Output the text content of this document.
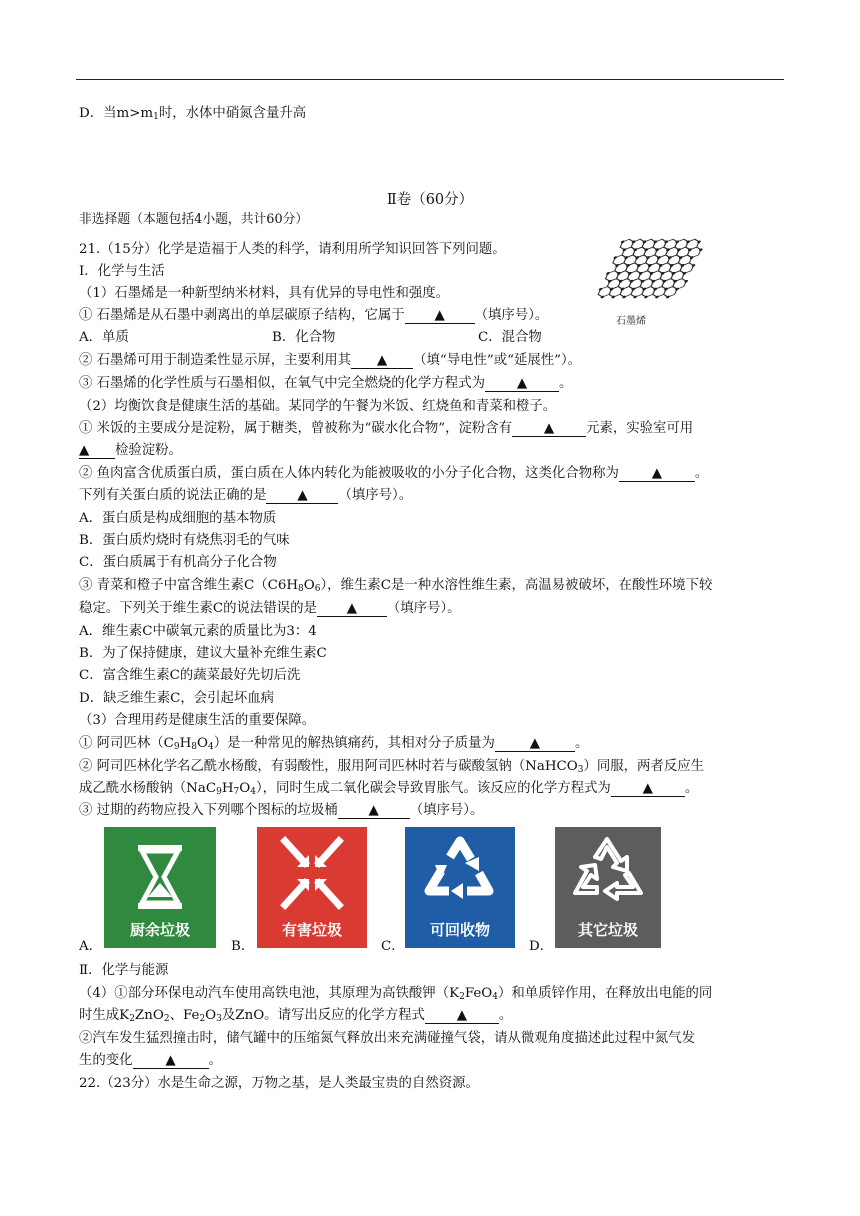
D．当$m>m_1$时，水体中硝氮含量升高
Ⅱ卷（60分）
非选择题（本题包括4小题，共计60分）
21.（15分）化学是造福于人类的科学，请利用所学知识回答下列问题。
Ⅰ．化学与生活
（1）石墨烯是一种新型纳米材料，具有优异的导电性和强度。
① 石墨烯是从石墨中剥离出的单层碳原子结构，它属于 ▲ （填序号）。
A．单质	B．化合物	C．混合物
② 石墨烯可用于制造柔性显示屏，主要利用其 ▲ （填“导电性”或“延展性”）。
③ 石墨烯的化学性质与石墨相似，在氧气中完全燃烧的化学方程式为 ▲ 。
（2）均衡饮食是健康生活的基础。某同学的午餐为米饭、红烧鱼和青菜和橙子。
① 米饭的主要成分是淀粉，属于糖类，曾被称为“碳水化合物”，淀粉含有 ▲ 元素，实验室可用
▲ 检验淀粉。
② 鱼肉富含优质蛋白质，蛋白质在人体内转化为能被吸收的小分子化合物，这类化合物称为 ▲ 。
下列有关蛋白质的说法正确的是 ▲ （填序号）。
A．蛋白质是构成细胞的基本物质
B．蛋白质灼烧时有烧焦羽毛的气味
C．蛋白质属于有机高分子化合物
③ 青菜和橙子中富含维生素$C(C6H_8O_6)$，维生素C是一种水溶性维生素，高温易被破坏，在酸性环境下较
稳定。下列关于维生素C的说法错误的是 ▲ （填序号）。
A．维生素C中碳氧元素的质量比为3：4
B．为了保持健康，建议大量补充维生素C
C．富含维生素C的蔬菜最好先切后洗
D．缺乏维生素C，会引起坏血病
（3）合理用药是健康生活的重要保障。
① 阿司匹林$(C_9H_8O_4)$是一种常见的解热镇痛药，其相对分子质量为	▲	。
② 阿司匹林化学名乙酰水杨酸，有弱酸性，服用阿司匹林时若与碳酸氢钠（NaHCO$_3$）同服，两者反应生
成乙酰水杨酸钠$(NaC_9H_7O_4)$，同时生成二氧化碳会导致胃胀气。该反应的化学方程式为 ▲ 。
③ 过期的药物应投入下列哪个图标的垃圾桶 ▲ （填序号）。
A．
厨余垃圾
B．
有害垃圾
C．
可回收物
D．
其它垃圾
Ⅱ．化学与能源
（4）①部分环保电动汽车使用高铁电池，其原理为高铁酸钾$(K_2FeO_4)$和单质锌作用，在释放出电能的同
时生成$K_2ZnO_2$、$Fe_2O_3$及ZnO。请写出反应的化学方程式 ▲ 。
②汽车发生猛烈撞击时，储气罐中的压缩氮气释放出来充满碰撞气袋，请从微观角度描述此过程中氮气发
生的变化 ▲ 。
22.（23分）水是生命之源，万物之基，是人类最宝贵的自然资源。
石墨烯
